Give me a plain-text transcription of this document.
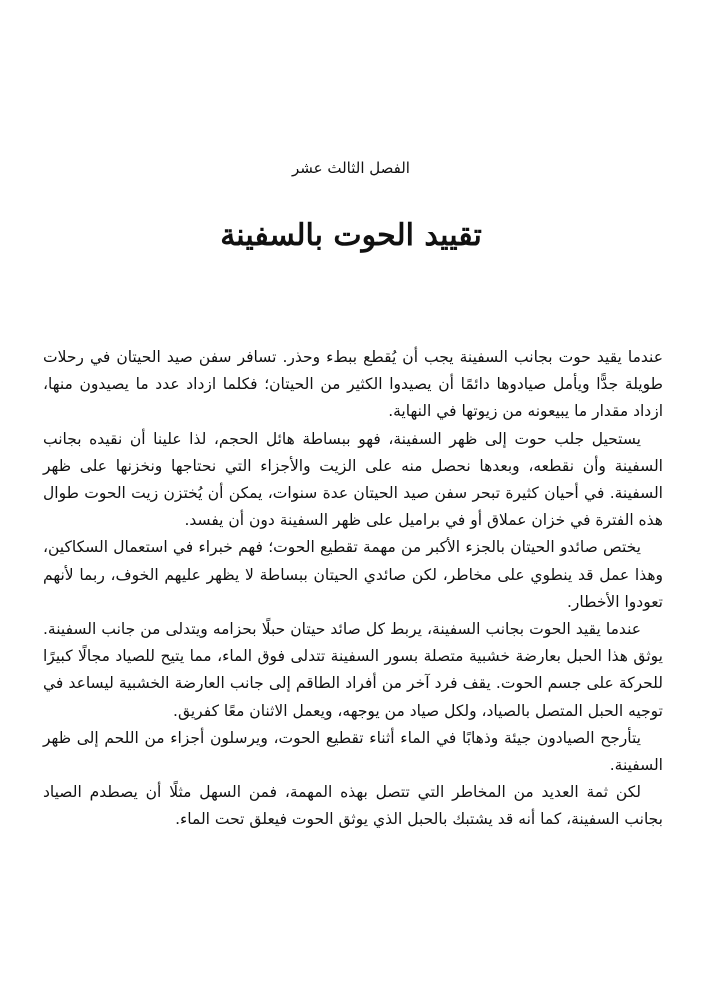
الفصل الثالث عشر
تقييد الحوت بالسفينة

عندما يقيد حوت بجانب السفينة يجب أن يُقطع ببطء وحذر. تسافر سفن صيد الحيتان في رحلات طويلة جدًّا ويأمل صيادوها دائمًا أن يصيدوا الكثير من الحيتان؛ فكلما ازداد عدد ما يصيدون منها، ازداد مقدار ما يبيعونه من زيوتها في النهاية.

يستحيل جلب حوت إلى ظهر السفينة، فهو ببساطة هائل الحجم، لذا علينا أن نقيده بجانب السفينة وأن نقطعه، وبعدها نحصل منه على الزيت والأجزاء التي نحتاجها ونخزنها على ظهر السفينة. في أحيان كثيرة تبحر سفن صيد الحيتان عدة سنوات، يمكن أن يُختزن زيت الحوت طوال هذه الفترة في خزان عملاق أو في براميل على ظهر السفينة دون أن يفسد.

يختص صائدو الحيتان بالجزء الأكبر من مهمة تقطيع الحوت؛ فهم خبراء في استعمال السكاكين، وهذا عمل قد ينطوي على مخاطر، لكن صائدي الحيتان ببساطة لا يظهر عليهم الخوف، ربما لأنهم تعودوا الأخطار.

عندما يقيد الحوت بجانب السفينة، يربط كل صائد حيتان حبلًا بحزامه ويتدلى من جانب السفينة. يوثق هذا الحبل بعارضة خشبية متصلة بسور السفينة تتدلى فوق الماء، مما يتيح للصياد مجالًا كبيرًا للحركة على جسم الحوت. يقف فرد آخر من أفراد الطاقم إلى جانب العارضة الخشبية ليساعد في توجيه الحبل المتصل بالصياد، ولكل صياد من يوجهه، ويعمل الاثنان معًا كفريق.

يتأرجح الصيادون جيئة وذهابًا في الماء أثناء تقطيع الحوت، ويرسلون أجزاء من اللحم إلى ظهر السفينة.

لكن ثمة العديد من المخاطر التي تتصل بهذه المهمة، فمن السهل مثلًا أن يصطدم الصياد بجانب السفينة، كما أنه قد يشتبك بالحبل الذي يوثق الحوت فيعلق تحت الماء.
